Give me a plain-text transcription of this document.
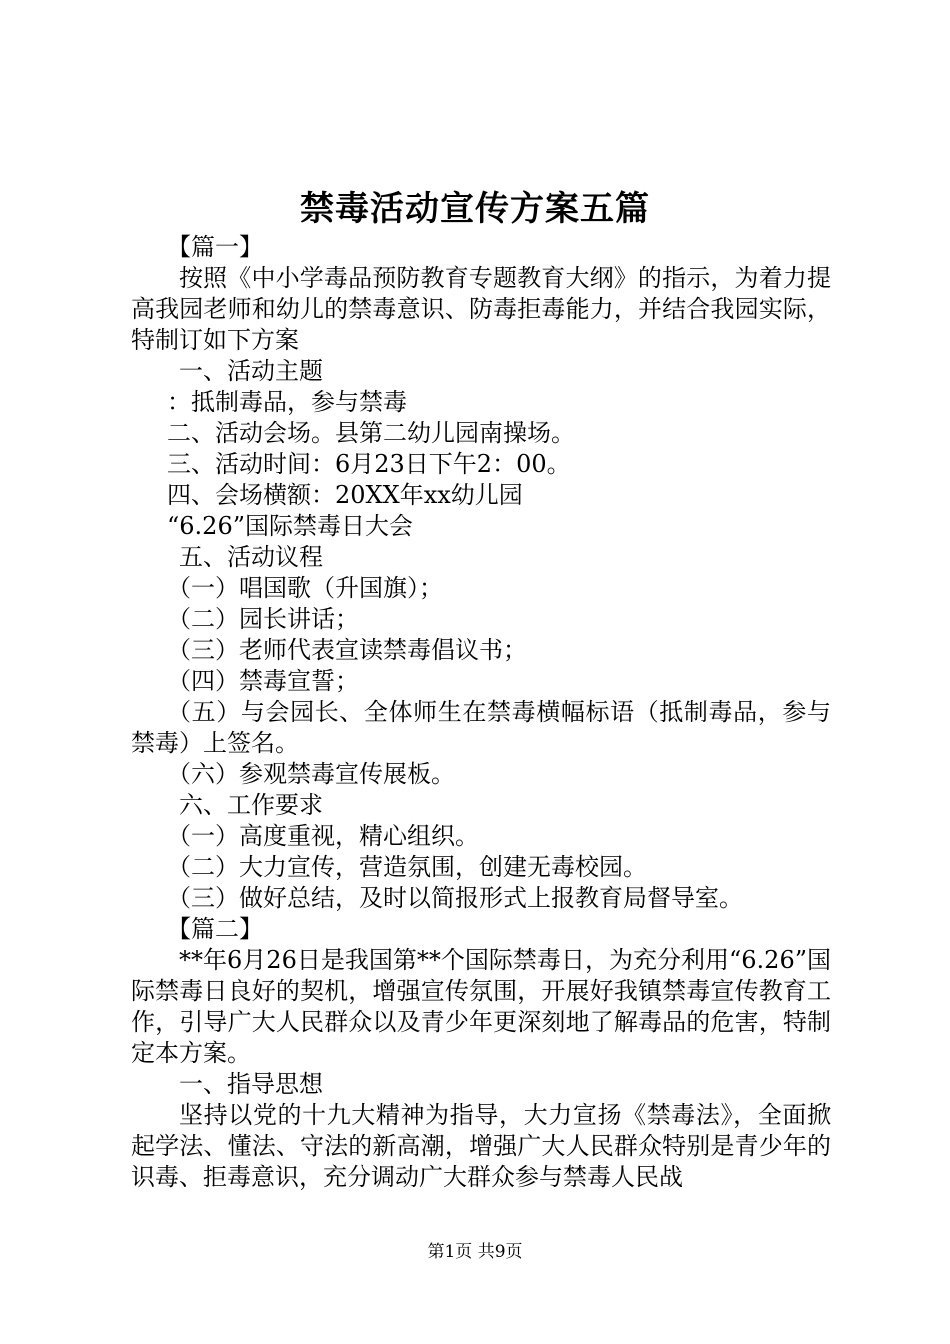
禁毒活动宣传方案五篇

【篇一】

按照《中小学毒品预防教育专题教育大纲》的指示，为着力提高我园老师和幼儿的禁毒意识、防毒拒毒能力，并结合我园实际，特制订如下方案

一、活动主题

：抵制毒品，参与禁毒

二、活动会场。县第二幼儿园南操场。

三、活动时间：6月23日下午2：00。

四、会场横额：20XX年xx幼儿园

“6.26”国际禁毒日大会

五、活动议程

（一）唱国歌（升国旗）；

（二）园长讲话；

（三）老师代表宣读禁毒倡议书；

（四）禁毒宣誓；

（五）与会园长、全体师生在禁毒横幅标语（抵制毒品，参与禁毒）上签名。

（六）参观禁毒宣传展板。

六、工作要求

（一）高度重视，精心组织。

（二）大力宣传，营造氛围，创建无毒校园。

（三）做好总结，及时以简报形式上报教育局督导室。

【篇二】

**年6月26日是我国第**个国际禁毒日，为充分利用“6.26”国际禁毒日良好的契机，增强宣传氛围，开展好我镇禁毒宣传教育工作，引导广大人民群众以及青少年更深刻地了解毒品的危害，特制定本方案。

一、指导思想

坚持以党的十九大精神为指导，大力宣扬《禁毒法》，全面掀起学法、懂法、守法的新高潮，增强广大人民群众特别是青少年的识毒、拒毒意识，充分调动广大群众参与禁毒人民战

第1页 共9页
